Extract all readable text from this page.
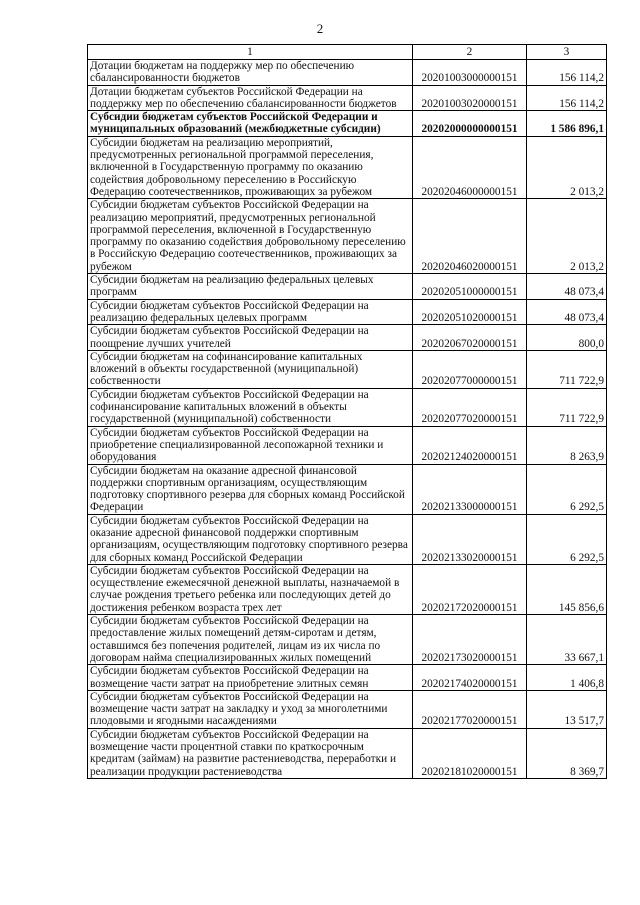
2
1	2	3
Дотации бюджетам на поддержку мер по обеспечению сбалансированности бюджетов	20201003000000151	156 114,2
Дотации бюджетам субъектов Российской Федерации на поддержку мер по обеспечению сбалансированности бюджетов	20201003020000151	156 114,2
Субсидии бюджетам субъектов Российской Федерации и муниципальных образований (межбюджетные субсидии)	20202000000000151	1 586 896,1
Субсидии бюджетам на реализацию мероприятий, предусмотренных региональной программой переселения, включенной в Государственную программу по оказанию содействия добровольному переселению в Российскую Федерацию соотечественников, проживающих за рубежом	20202046000000151	2 013,2
Субсидии бюджетам субъектов Российской Федерации на реализацию мероприятий, предусмотренных региональной программой переселения, включенной в Государственную программу по оказанию содействия добровольному переселению в Российскую Федерацию соотечественников, проживающих за рубежом	20202046020000151	2 013,2
Субсидии бюджетам на реализацию федеральных целевых программ	20202051000000151	48 073,4
Субсидии бюджетам субъектов Российской Федерации на реализацию федеральных целевых программ	20202051020000151	48 073,4
Субсидии бюджетам субъектов Российской Федерации на поощрение лучших учителей	20202067020000151	800,0
Субсидии бюджетам на софинансирование капитальных вложений в объекты государственной (муниципальной) собственности	20202077000000151	711 722,9
Субсидии бюджетам субъектов Российской Федерации на софинансирование капитальных вложений в объекты государственной (муниципальной) собственности	20202077020000151	711 722,9
Субсидии бюджетам субъектов Российской Федерации на приобретение специализированной лесопожарной техники и оборудования	20202124020000151	8 263,9
Субсидии бюджетам на оказание адресной финансовой поддержки спортивным организациям, осуществляющим подготовку спортивного резерва для сборных команд Российской Федерации	20202133000000151	6 292,5
Субсидии бюджетам субъектов Российской Федерации на оказание адресной финансовой поддержки спортивным организациям, осуществляющим подготовку спортивного резерва для сборных команд Российской Федерации	20202133020000151	6 292,5
Субсидии бюджетам субъектов Российской Федерации на осуществление ежемесячной денежной выплаты, назначаемой в случае рождения третьего ребенка или последующих детей до достижения ребенком возраста трех лет	20202172020000151	145 856,6
Субсидии бюджетам субъектов Российской Федерации на предоставление жилых помещений детям-сиротам и детям, оставшимся без попечения родителей, лицам из их числа по договорам найма специализированных жилых помещений	20202173020000151	33 667,1
Субсидии бюджетам субъектов Российской Федерации на возмещение части затрат на приобретение элитных семян	20202174020000151	1 406,8
Субсидии бюджетам субъектов Российской Федерации на возмещение части затрат на закладку и уход за многолетними плодовыми и ягодными насаждениями	20202177020000151	13 517,7
Субсидии бюджетам субъектов Российской Федерации на возмещение части процентной ставки по краткосрочным кредитам (займам) на развитие растениеводства, переработки и реализации продукции растениеводства	20202181020000151	8 369,7
